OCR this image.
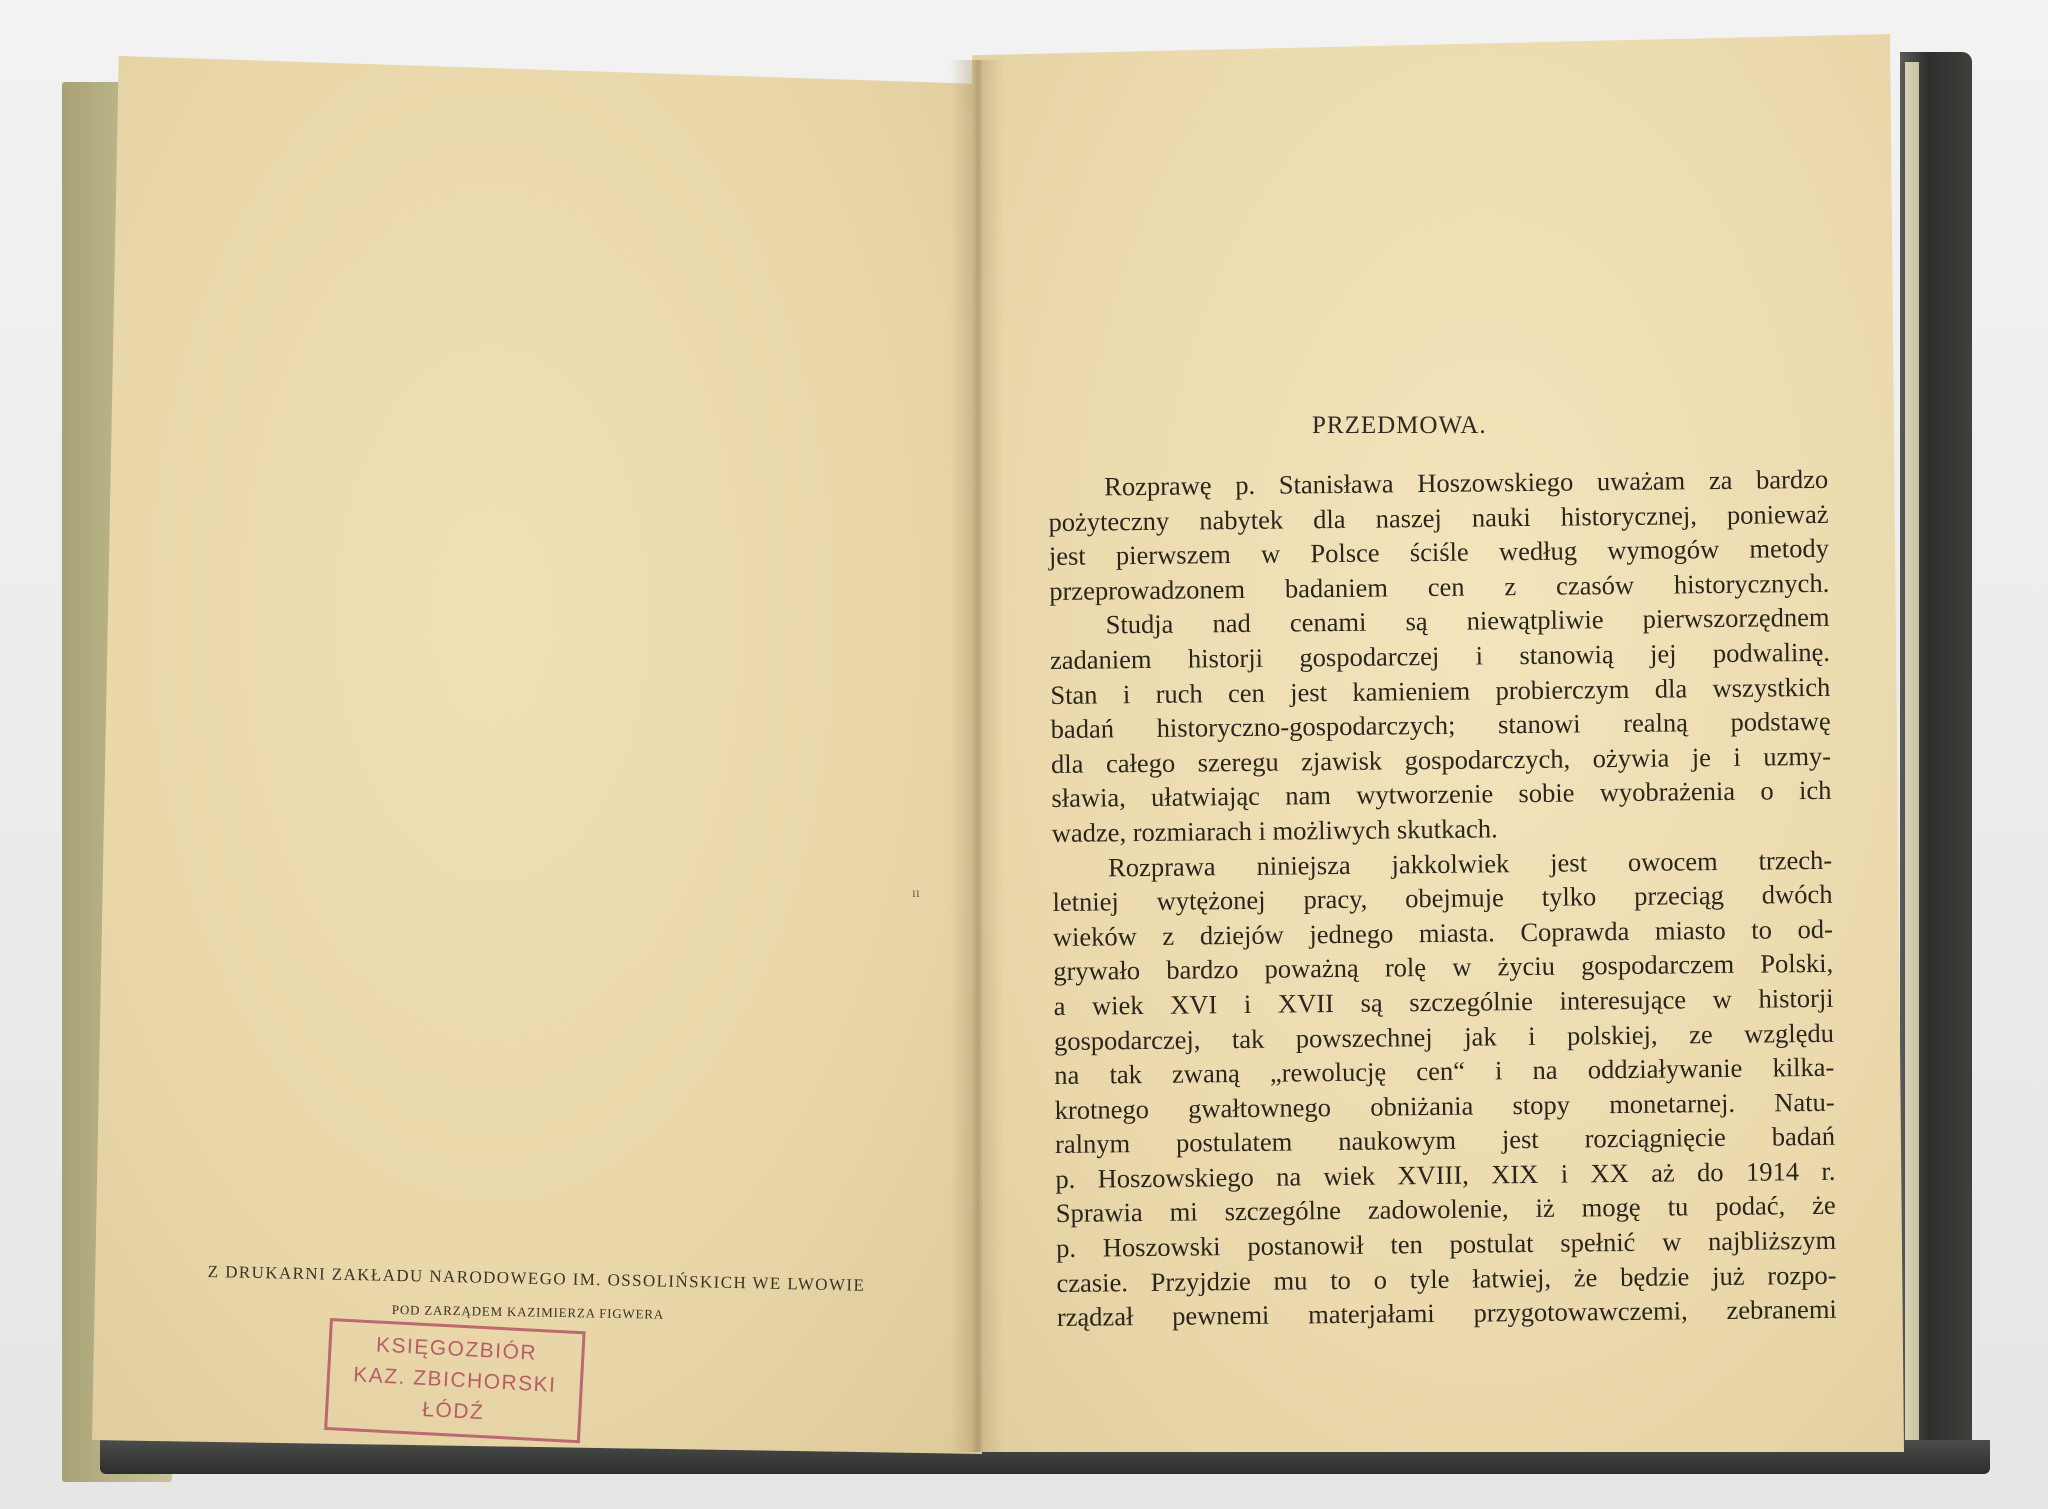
ıı
Z DRUKARNI ZAKŁADU NARODOWEGO IM. OSSOLIŃSKICH WE LWOWIE
POD ZARZĄDEM KAZIMIERZA FIGWERA
KSIĘGOZBIÓR
KAZ. ZBICHORSKI
ŁÓDŹ
PRZEDMOWA.
Rozprawę p. Stanisława Hoszowskiego uważam za bardzo
pożyteczny nabytek dla naszej nauki historycznej, ponieważ
jest pierwszem w Polsce ściśle według wymogów metody
przeprowadzonem badaniem cen z czasów historycznych.
Studja nad cenami są niewątpliwie pierwszorzędnem
zadaniem historji gospodarczej i stanowią jej podwalinę.
Stan i ruch cen jest kamieniem probierczym dla wszystkich
badań historyczno-gospodarczych; stanowi realną podstawę
dla całego szeregu zjawisk gospodarczych, ożywia je i uzmy-
sławia, ułatwiając nam wytworzenie sobie wyobrażenia o ich
wadze, rozmiarach i możliwych skutkach.
Rozprawa niniejsza jakkolwiek jest owocem trzech-
letniej wytężonej pracy, obejmuje tylko przeciąg dwóch
wieków z dziejów jednego miasta. Coprawda miasto to od-
grywało bardzo poważną rolę w życiu gospodarczem Polski,
a wiek XVI i XVII są szczególnie interesujące w historji
gospodarczej, tak powszechnej jak i polskiej, ze względu
na tak zwaną „rewolucję cen“ i na oddziaływanie kilka-
krotnego gwałtownego obniżania stopy monetarnej. Natu-
ralnym postulatem naukowym jest rozciągnięcie badań
p. Hoszowskiego na wiek XVIII, XIX i XX aż do 1914 r.
Sprawia mi szczególne zadowolenie, iż mogę tu podać, że
p. Hoszowski postanowił ten postulat spełnić w najbliższym
czasie. Przyjdzie mu to o tyle łatwiej, że będzie już rozpo-
rządzał pewnemi materjałami przygotowawczemi, zebranemi
